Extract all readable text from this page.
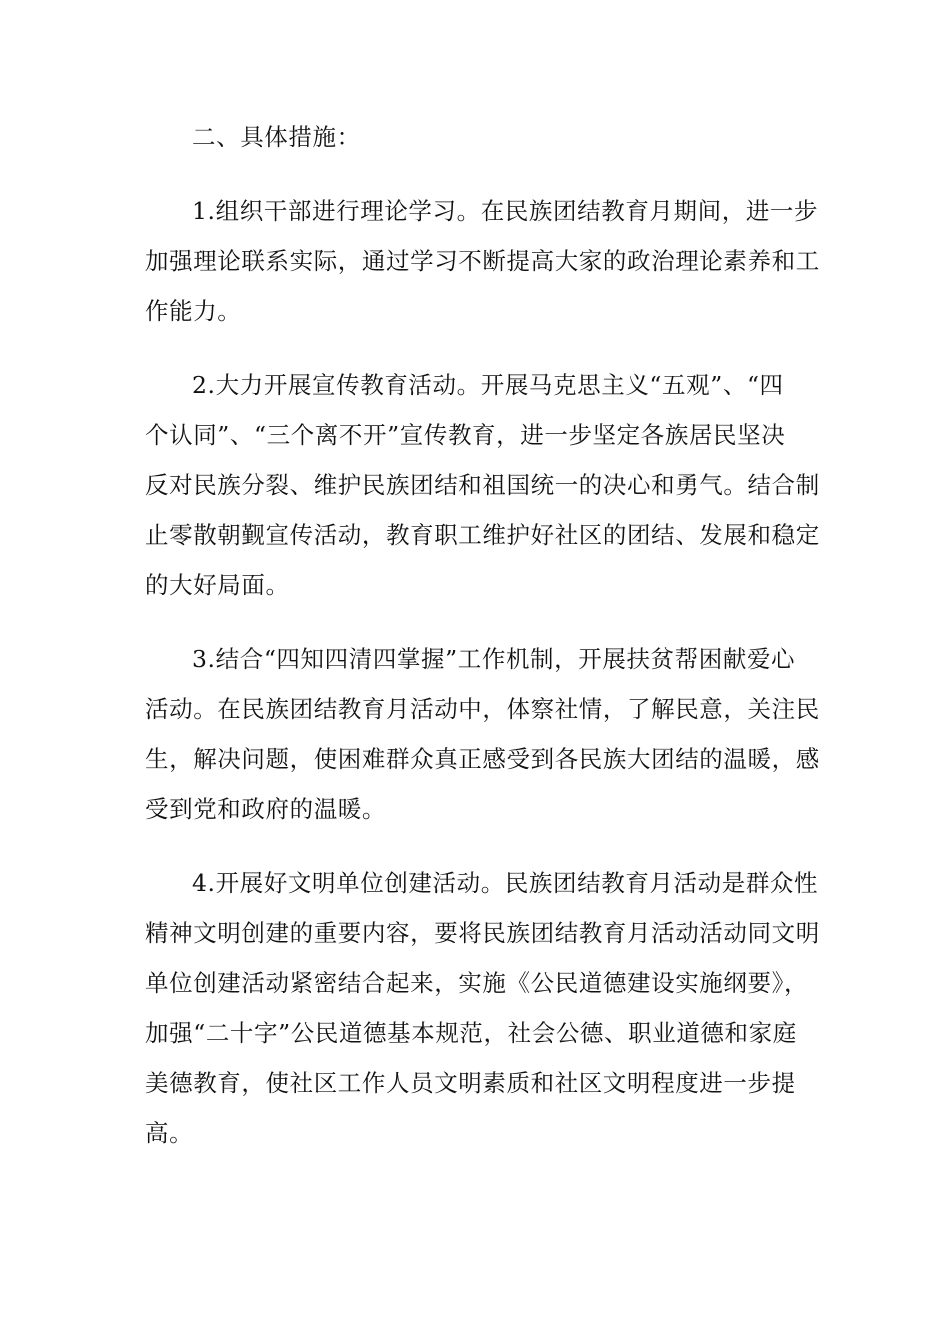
二、具体措施：
1.组织干部进行理论学习。在民族团结教育月期间，进一步
加强理论联系实际，通过学习不断提高大家的政治理论素养和工
作能力。
2.大力开展宣传教育活动。开展马克思主义“五观”、“四
个认同”、“三个离不开”宣传教育，进一步坚定各族居民坚决
反对民族分裂、维护民族团结和祖国统一的决心和勇气。结合制
止零散朝觐宣传活动，教育职工维护好社区的团结、发展和稳定
的大好局面。
3.结合“四知四清四掌握”工作机制，开展扶贫帮困献爱心
活动。在民族团结教育月活动中，体察社情，了解民意，关注民
生，解决问题，使困难群众真正感受到各民族大团结的温暖，感
受到党和政府的温暖。
4.开展好文明单位创建活动。民族团结教育月活动是群众性
精神文明创建的重要内容，要将民族团结教育月活动活动同文明
单位创建活动紧密结合起来，实施《公民道德建设实施纲要》，
加强“二十字”公民道德基本规范，社会公德、职业道德和家庭
美德教育，使社区工作人员文明素质和社区文明程度进一步提
高。
